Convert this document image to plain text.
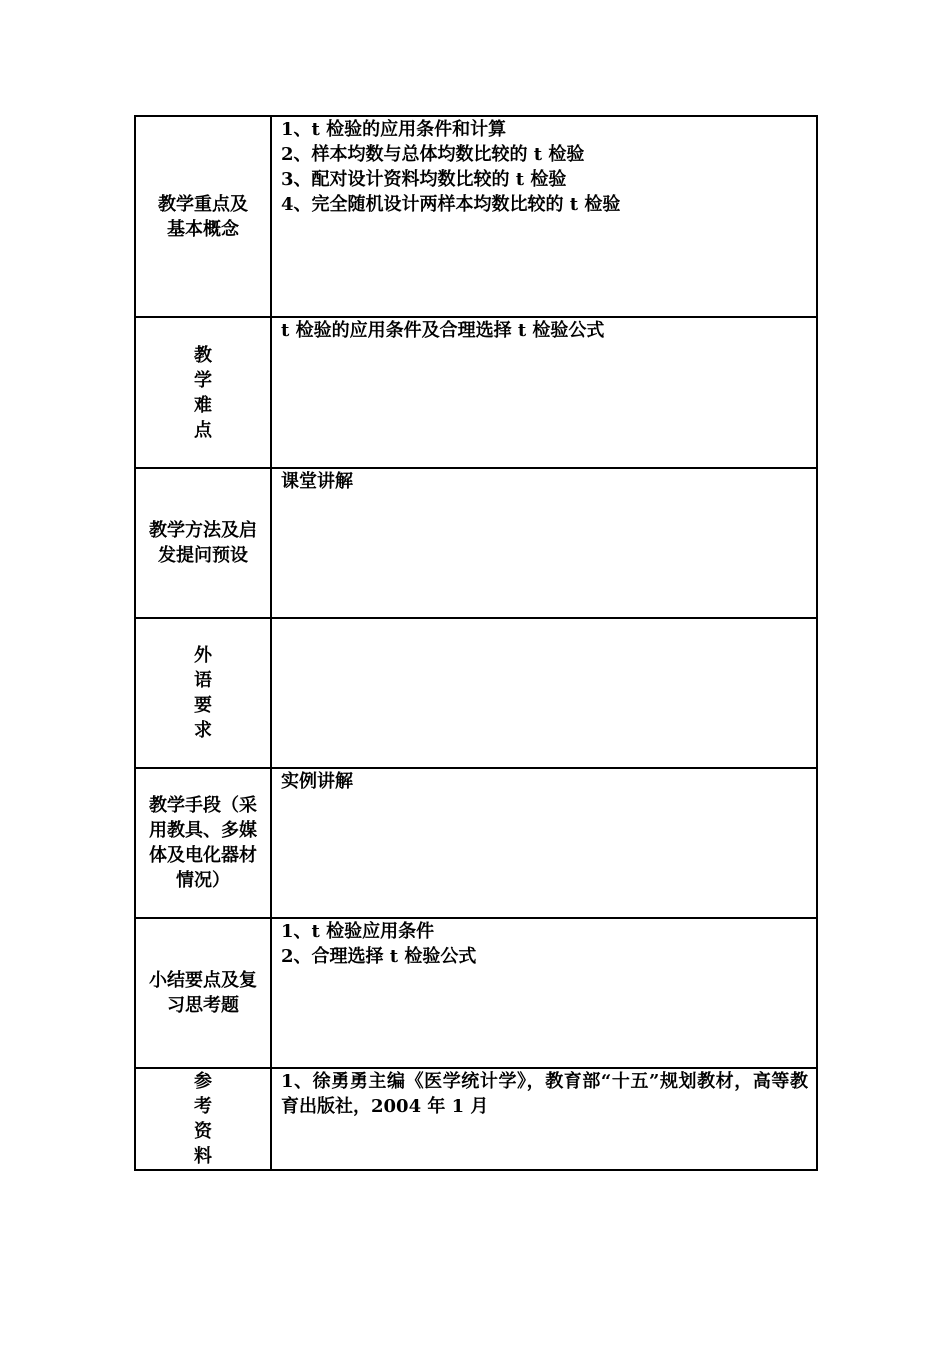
教学重点及
基本概念	1、t 检验的应用条件和计算
2、样本均数与总体均数比较的 t 检验
3、配对设计资料均数比较的 t 检验
4、完全随机设计两样本均数比较的 t 检验

教
学
难
点	t 检验的应用条件及合理选择 t 检验公式

教学方法及启
发提问预设	课堂讲解

外
语
要
求	

教学手段（采
用教具、多媒
体及电化器材
情况）	实例讲解

小结要点及复
习思考题	1、t 检验应用条件
2、合理选择 t 检验公式

参
考
资
料	1、徐勇勇主编《医学统计学》，教育部“十五”规划教材，高等教育出版社，2004 年 1 月
